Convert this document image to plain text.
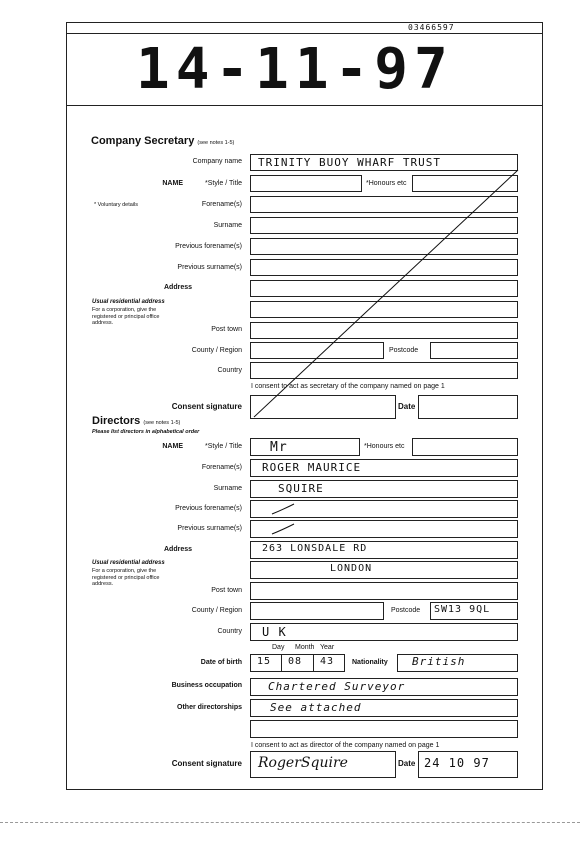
03466597
14-11-97
Company Secretary (see notes 1-5)
Company name TRINITY BUOY WHARF TRUST
NAME	*Style / Title	*Honours etc
* Voluntary details	Forename(s)
Surname
Previous forename(s)
Previous surname(s)
Address
Usual residential address
For a corporation, give the registered or principal office address.
Post town
County / Region	Postcode
Country
I consent to act as secretary of the company named on page 1
Consent signature	Date
Directors (see notes 1-5)
Please list directors in alphabetical order
NAME	*Style / Title Mr	*Honours etc
Forename(s) ROGER MAURICE
Surname	SQUIRE
Previous forename(s)
Previous surname(s)
Address	263 LONSDALE RD
Usual residential address
For a corporation, give the registered or principal office address.
LONDON
Post town
County / Region	Postcode SW13 9QL
Country U K
Day Month Year
Date of birth 15 08 43	Nationality British
Business occupation Chartered Surveyor
Other directorships	See attached
I consent to act as director of the company named on page 1
Consent signature RogerSquire	Date 24 10 97
